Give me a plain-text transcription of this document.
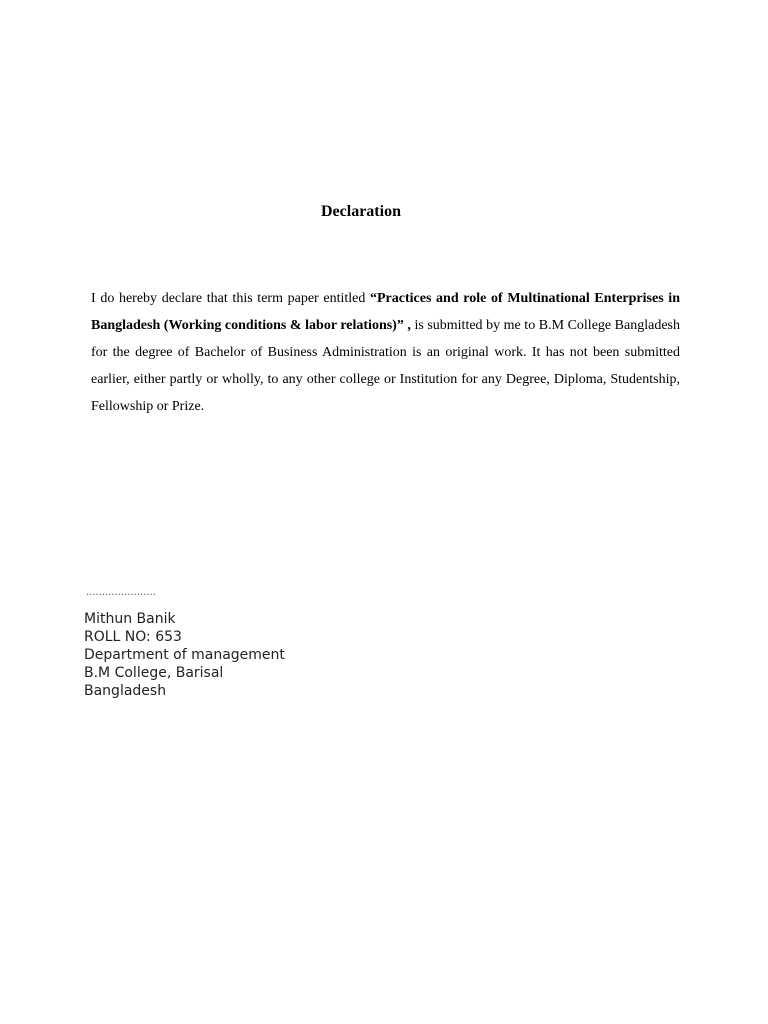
Declaration

I do hereby declare that this term paper entitled “Practices and role of Multinational Enterprises in Bangladesh (Working conditions & labor relations)” , is submitted by me to B.M College Bangladesh for the degree of Bachelor of Business Administration is an original work. It has not been submitted earlier, either partly or wholly, to any other college or Institution for any Degree, Diploma, Studentship, Fellowship or Prize.

......................
Mithun Banik
ROLL NO: 653
Department of management
B.M College, Barisal
Bangladesh
